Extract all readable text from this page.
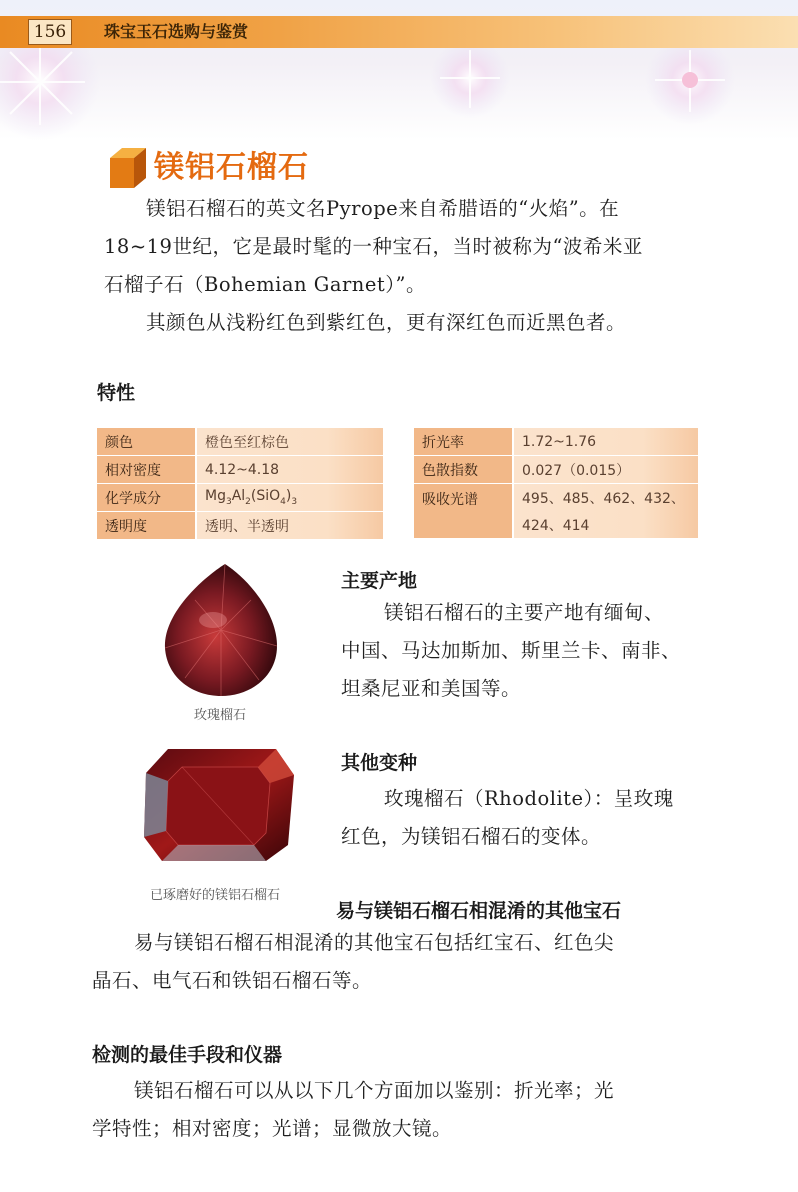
156	珠宝玉石选购与鉴赏
镁铝石榴石
镁铝石榴石的英文名Pyrope来自希腊语的“火焰”。在
18~19世纪，它是最时髦的一种宝石，当时被称为“波希米亚
石榴子石（Bohemian Garnet）”。
其颜色从浅粉红色到紫红色，更有深红色而近黑色者。
特性
颜色	橙色至红棕色
相对密度	4.12~4.18
化学成分	$Mg_3Al_2(SiO_4)_3$
透明度	透明、半透明
折光率	1.72~1.76
色散指数	0.027（0.015）
吸收光谱	495、485、462、432、
	424、414
玫瑰榴石
已琢磨好的镁铝石榴石
主要产地
镁铝石榴石的主要产地有缅甸、
中国、马达加斯加、斯里兰卡、南非、
坦桑尼亚和美国等。
其他变种
玫瑰榴石（Rhodolite）：呈玫瑰
红色，为镁铝石榴石的变体。
易与镁铝石榴石相混淆的其他宝石
易与镁铝石榴石相混淆的其他宝石包括红宝石、红色尖
晶石、电气石和铁铝石榴石等。
检测的最佳手段和仪器
镁铝石榴石可以从以下几个方面加以鉴别：折光率；光
学特性；相对密度；光谱；显微放大镜。
